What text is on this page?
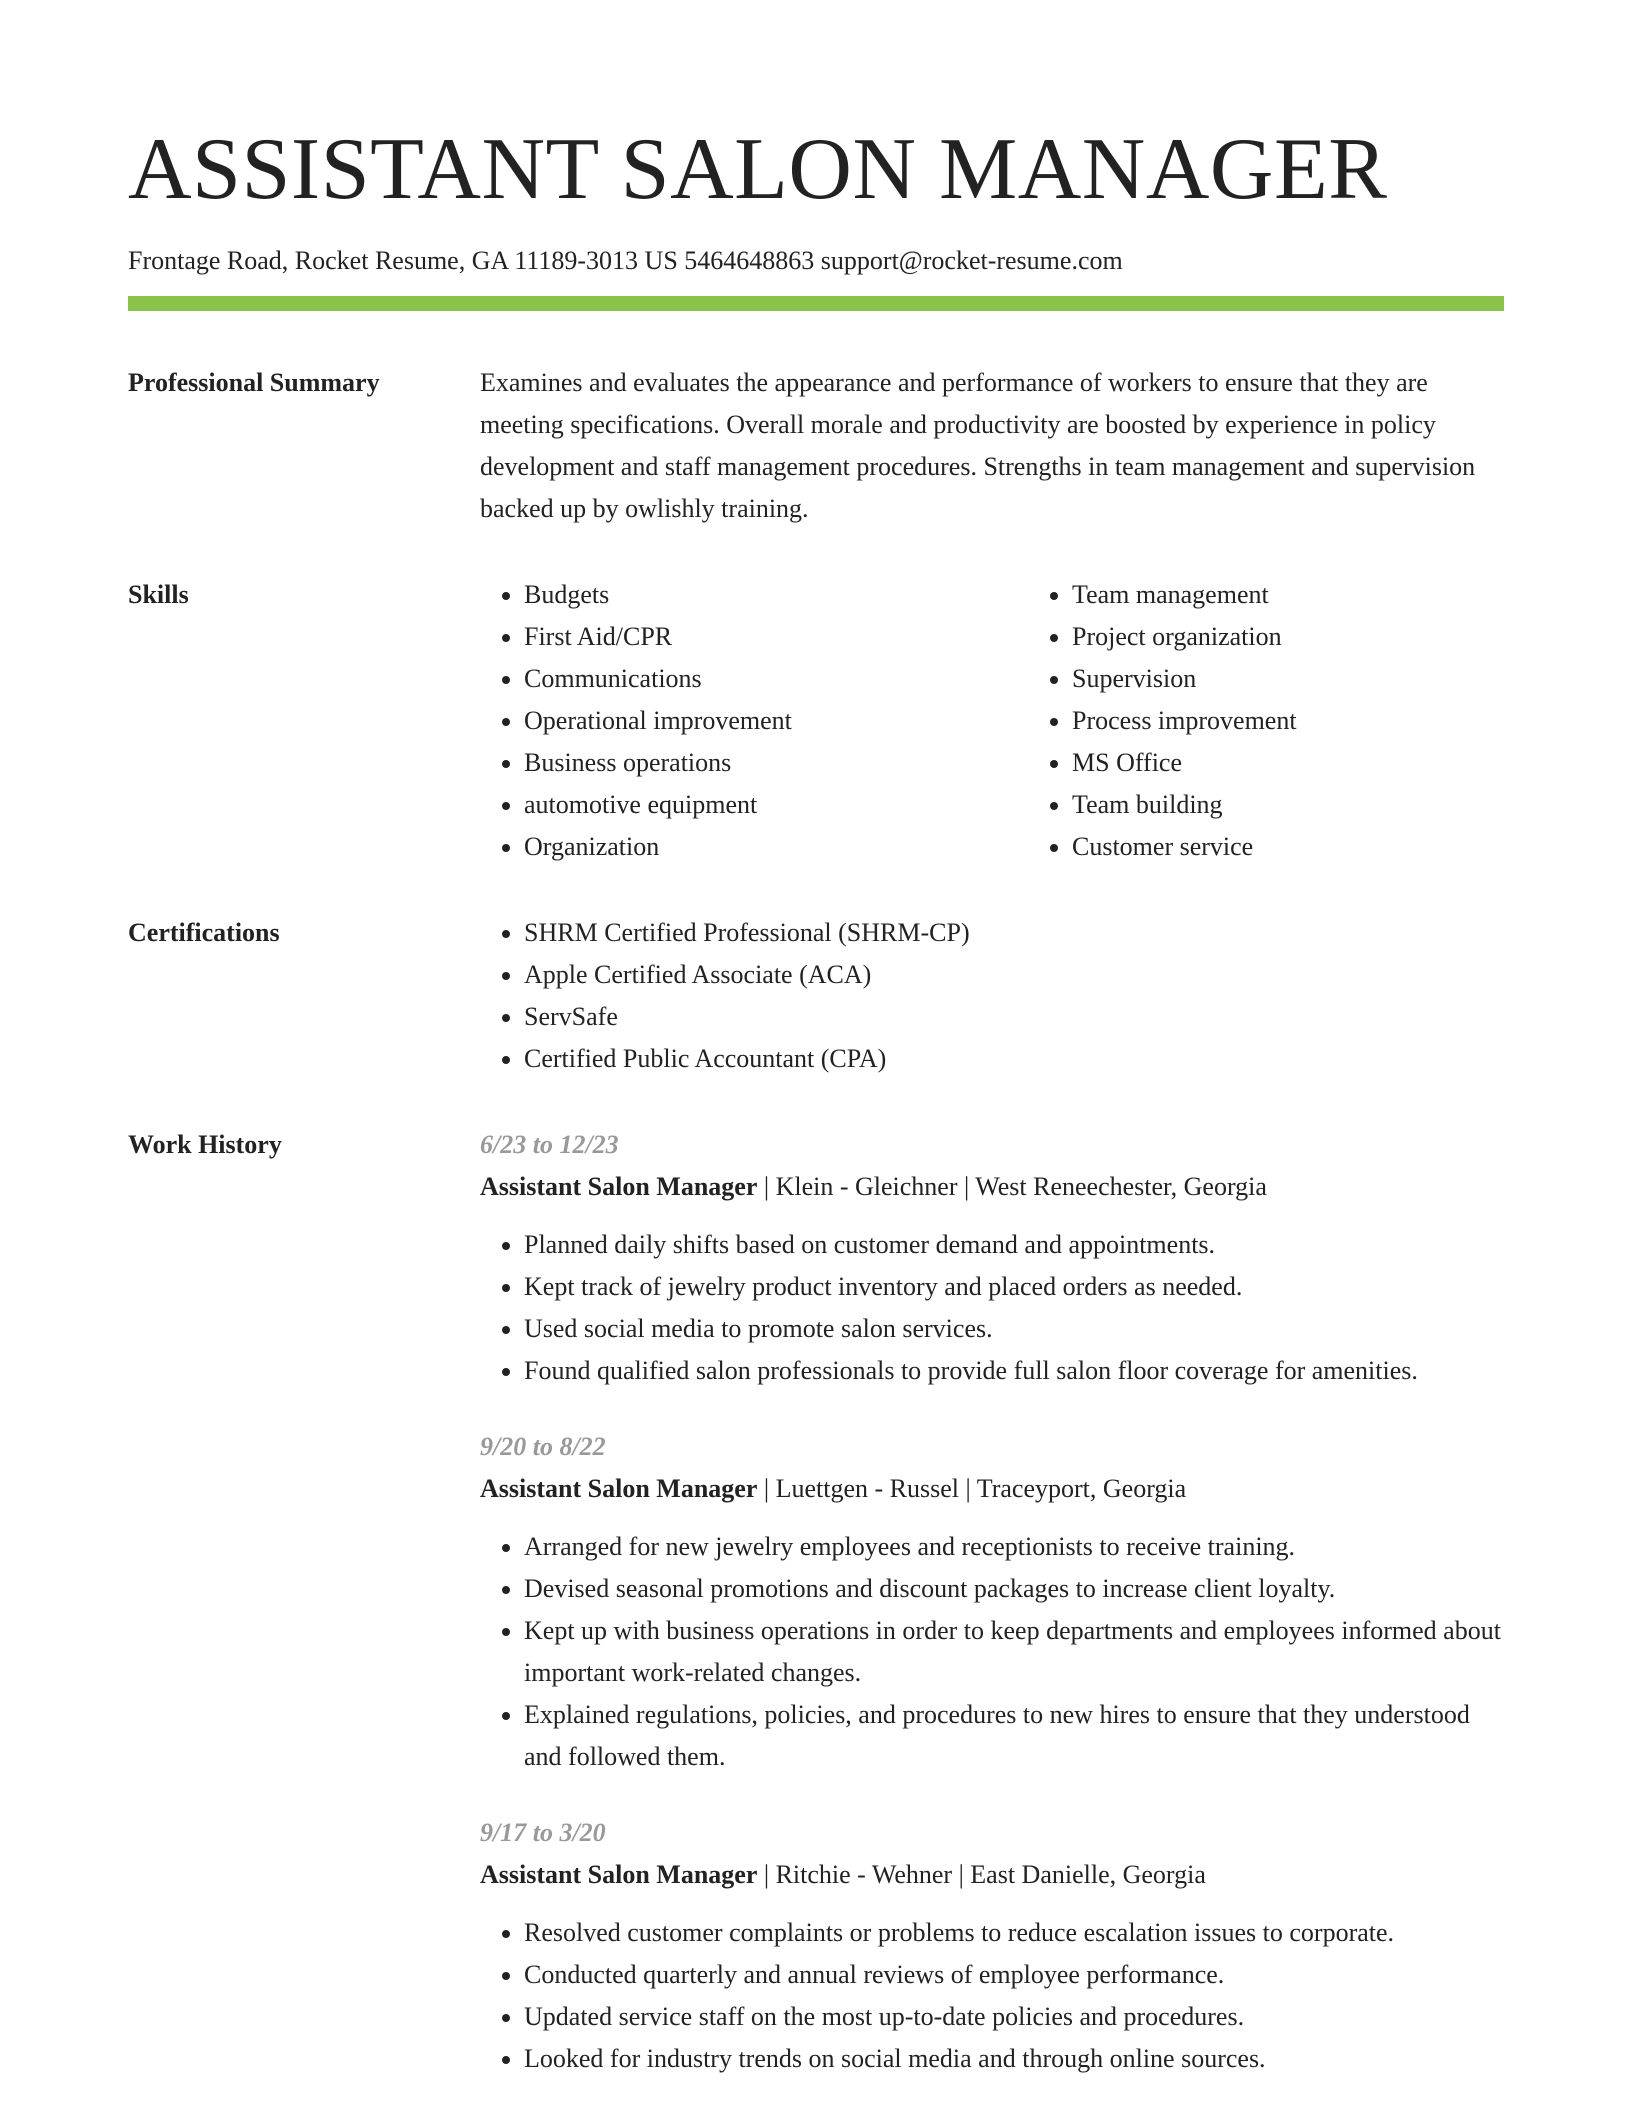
ASSISTANT SALON MANAGER
Frontage Road, Rocket Resume, GA 11189-3013 US 5464648863 support@rocket-resume.com
Professional Summary	Examines and evaluates the appearance and performance of workers to ensure that they are meeting specifications. Overall morale and productivity are boosted by experience in policy development and staff management procedures. Strengths in team management and supervision backed up by owlishly training.

Skills	• Budgets
• First Aid/CPR
• Communications
• Operational improvement
• Business operations
• automotive equipment
• Organization
• Team management
• Project organization
• Supervision
• Process improvement
• MS Office
• Team building
• Customer service
Certifications	• SHRM Certified Professional (SHRM-CP)
• Apple Certified Associate (ACA)
• ServSafe
• Certified Public Accountant (CPA)
Work History	6/23 to 12/23
Assistant Salon Manager | Klein - Gleichner | West Reneechester, Georgia
• Planned daily shifts based on customer demand and appointments.
• Kept track of jewelry product inventory and placed orders as needed.
• Used social media to promote salon services.
• Found qualified salon professionals to provide full salon floor coverage for amenities.
9/20 to 8/22
Assistant Salon Manager | Luettgen - Russel | Traceyport, Georgia
• Arranged for new jewelry employees and receptionists to receive training.
• Devised seasonal promotions and discount packages to increase client loyalty.
• Kept up with business operations in order to keep departments and employees informed about important work-related changes.
• Explained regulations, policies, and procedures to new hires to ensure that they understood and followed them.
9/17 to 3/20
Assistant Salon Manager | Ritchie - Wehner | East Danielle, Georgia
• Resolved customer complaints or problems to reduce escalation issues to corporate.
• Conducted quarterly and annual reviews of employee performance.
• Updated service staff on the most up-to-date policies and procedures.
• Looked for industry trends on social media and through online sources.
